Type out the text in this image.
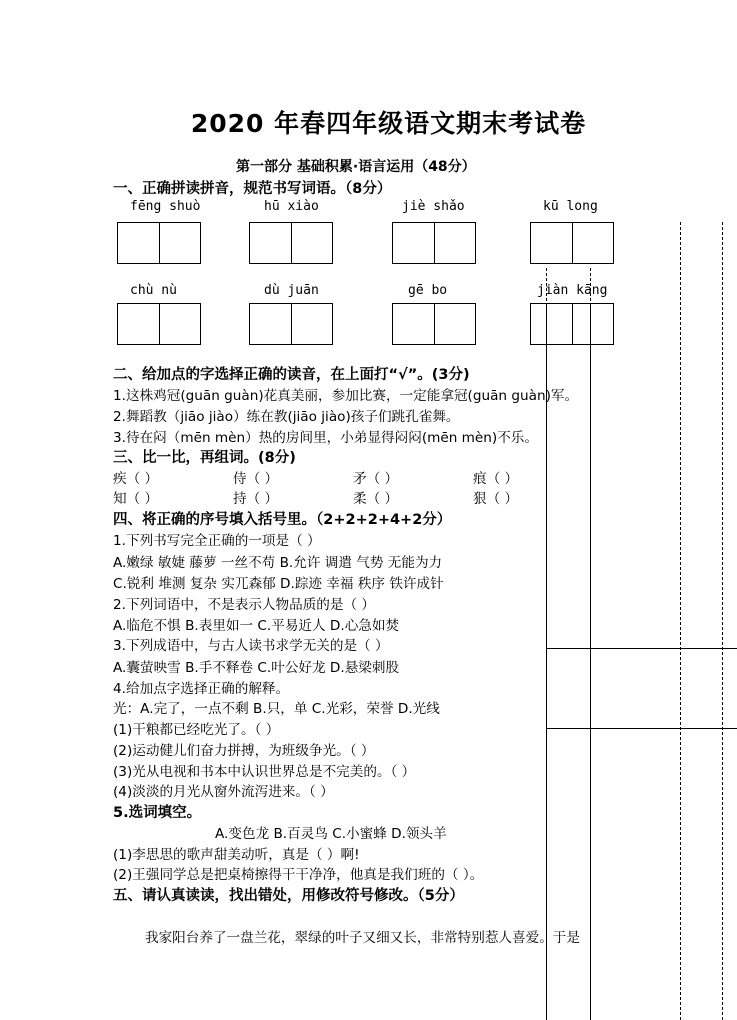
2020 年春四年级语文期末考试卷
第一部分 基础积累·语言运用（48分）
一、正确拼读拼音，规范书写词语。（8分）
fēng shuò	hū xiào	jiè shǎo	kū long
chù nù	dù juān	gē bo	jiàn kāng
二、给加点的字选择正确的读音，在上面打“√”。(3分)
1.这株鸡冠(guān guàn)花真美丽，参加比赛，一定能拿冠(guān guàn)军。
2.舞蹈教（jiāo jiào）练在教(jiāo jiào)孩子们跳孔雀舞。
3.待在闷（mēn mèn）热的房间里，小弟显得闷闷(mēn mèn)不乐。
三、比一比，再组词。(8分)
疾（ ）	侍（ ）	矛（ ）	痕（ ）
知（ ）	持（ ）	柔（ ）	狠（ ）
四、将正确的序号填入括号里。（2+2+2+4+2分）
1.下列书写完全正确的一项是（ ）
A.嫩绿 敏婕 藤萝 一丝不苟 B.允许 调遣 气势 无能为力
C.锐利 堆测 复杂 实兀森郁 D.踪迹 幸福 秩序 铁许成针
2.下列词语中，不是表示人物品质的是（ ）
A.临危不惧 B.表里如一 C.平易近人 D.心急如焚
3.下列成语中，与古人读书求学无关的是（ ）
A.囊萤映雪 B.手不释卷 C.叶公好龙 D.悬梁刺股
4.给加点字选择正确的解释。
光：A.完了，一点不剩 B.只，单 C.光彩，荣誉 D.光线
(1)干粮都已经吃光了。（ ）
(2)运动健儿们奋力拼搏，为班级争光。（ ）
(3)光从电视和书本中认识世界总是不完美的。（ ）
(4)淡淡的月光从窗外流泻进来。（ ）
5.选词填空。
A.变色龙 B.百灵鸟 C.小蜜蜂 D.领头羊
(1)李思思的歌声甜美动听，真是（ ）啊!
(2)王强同学总是把桌椅擦得干干净净，他真是我们班的（ ）。
五、请认真读读，找出错处，用修改符号修改。（5分）
我家阳台养了一盘兰花，翠绿的叶子又细又长，非常特别惹人喜爱。于是
